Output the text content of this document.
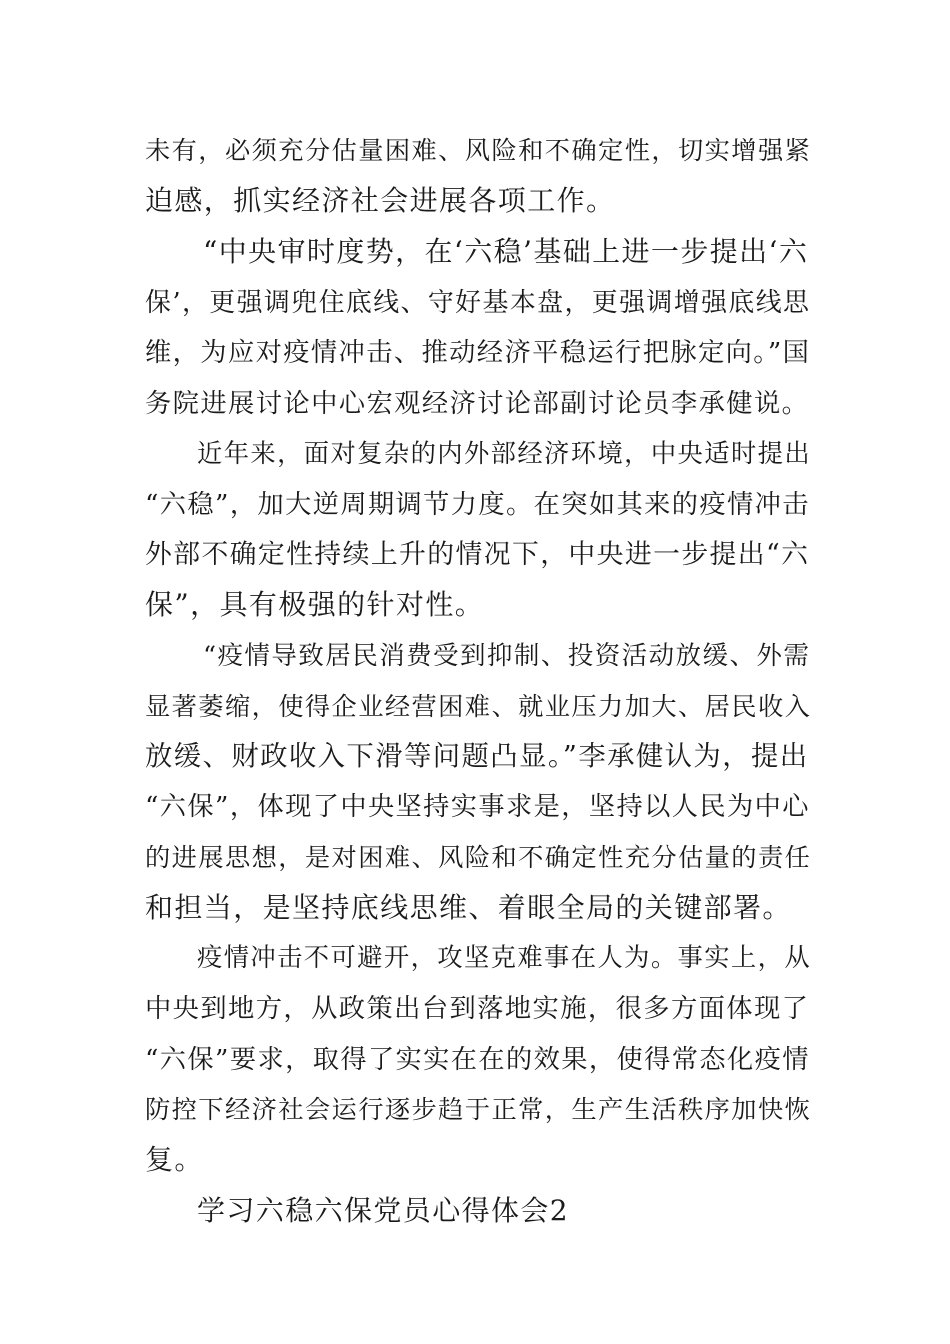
未有，必须充分估量困难、风险和不确定性，切实增强紧
迫感，抓实经济社会进展各项工作。
“中央审时度势，在‘六稳’基础上进一步提出‘六
保’，更强调兜住底线、守好基本盘，更强调增强底线思
维，为应对疫情冲击、推动经济平稳运行把脉定向。”国
务院进展讨论中心宏观经济讨论部副讨论员李承健说。
近年来，面对复杂的内外部经济环境，中央适时提出
“六稳”，加大逆周期调节力度。在突如其来的疫情冲击
外部不确定性持续上升的情况下，中央进一步提出“六
保”，具有极强的针对性。
“疫情导致居民消费受到抑制、投资活动放缓、外需
显著萎缩，使得企业经营困难、就业压力加大、居民收入
放缓、财政收入下滑等问题凸显。”李承健认为，提出
“六保”，体现了中央坚持实事求是，坚持以人民为中心
的进展思想，是对困难、风险和不确定性充分估量的责任
和担当，是坚持底线思维、着眼全局的关键部署。
疫情冲击不可避开，攻坚克难事在人为。事实上，从
中央到地方，从政策出台到落地实施，很多方面体现了
“六保”要求，取得了实实在在的效果，使得常态化疫情
防控下经济社会运行逐步趋于正常，生产生活秩序加快恢
复。
学习六稳六保党员心得体会2
